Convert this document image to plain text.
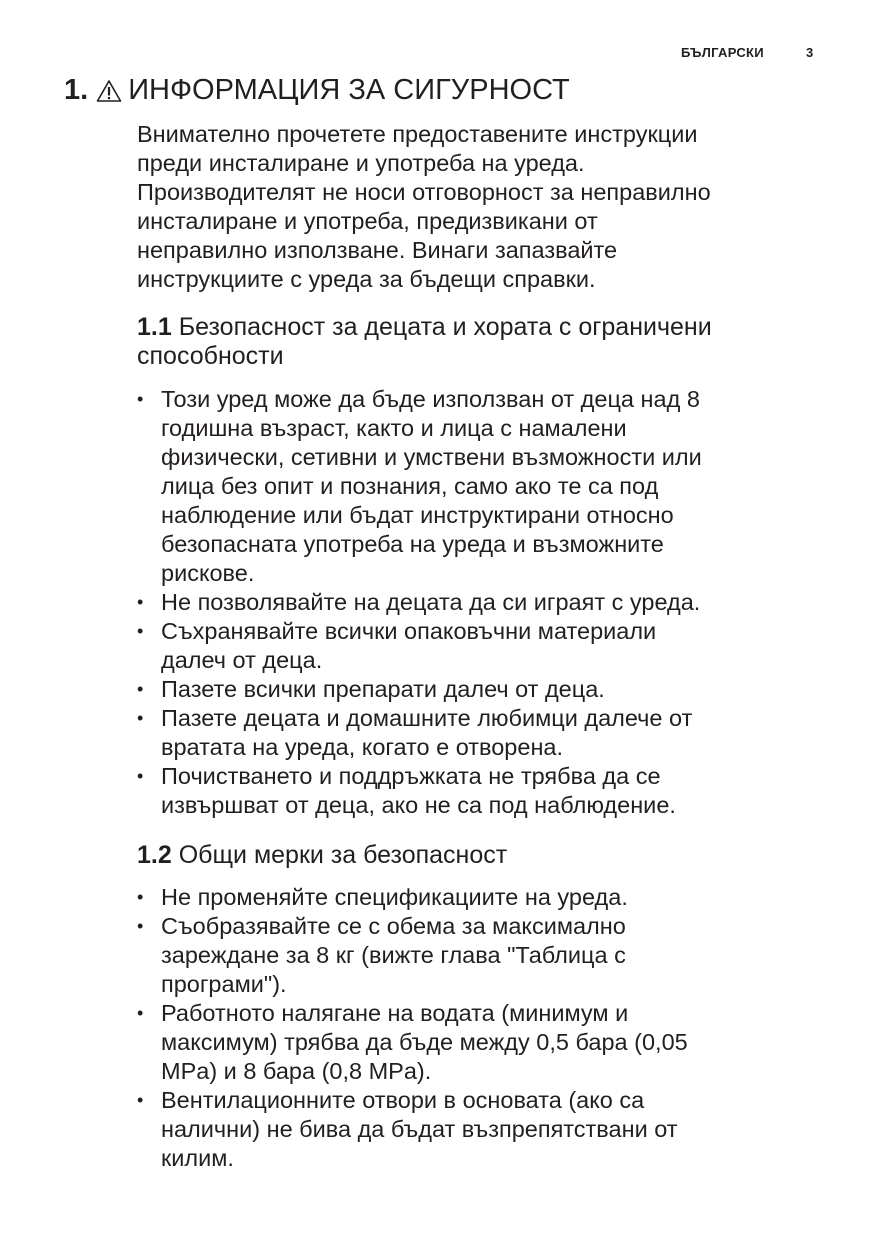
БЪЛГАРСКИ	3
1. ИНФОРМАЦИЯ ЗА СИГУРНОСТ
Внимателно прочетете предоставените инструкции
преди инсталиране и употреба на уреда.
Производителят не носи отговорност за неправилно
инсталиране и употреба, предизвикани от
неправилно използване. Винаги запазвайте
инструкциите с уреда за бъдещи справки.
1.1 Безопасност за децата и хората с ограничени
способности
• Този уред може да бъде използван от деца над 8
годишна възраст, както и лица с намалени
физически, сетивни и умствени възможности или
лица без опит и познания, само ако те са под
наблюдение или бъдат инструктирани относно
безопасната употреба на уреда и възможните
рискове.
• Не позволявайте на децата да си играят с уреда.
• Съхранявайте всички опаковъчни материали
далеч от деца.
• Пазете всички препарати далеч от деца.
• Пазете децата и домашните любимци далече от
вратата на уреда, когато е отворена.
• Почистването и поддръжката не трябва да се
извършват от деца, ако не са под наблюдение.
1.2 Общи мерки за безопасност
• Не променяйте спецификациите на уреда.
• Съобразявайте се с обема за максимално
зареждане за 8 кг (вижте глава "Таблица с
програми").
• Работното налягане на водата (минимум и
максимум) трябва да бъде между 0,5 бара (0,05
MPa) и 8 бара (0,8 MPa).
• Вентилационните отвори в основата (ако са
налични) не бива да бъдат възпрепятствани от
килим.
